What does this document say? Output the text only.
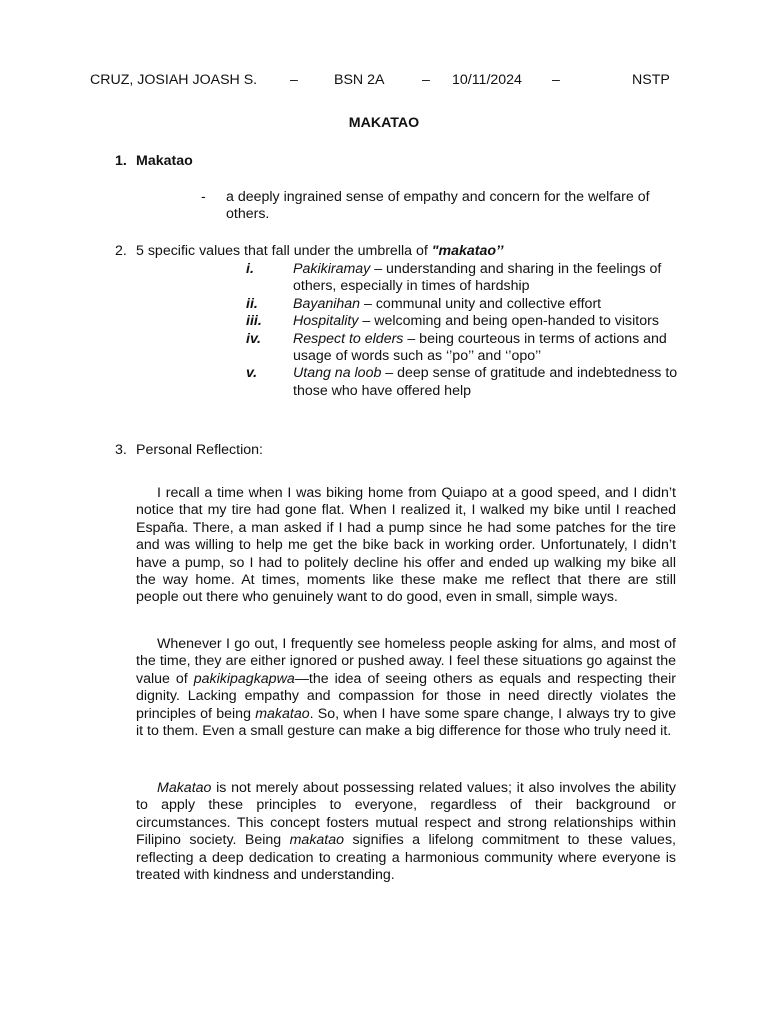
CRUZ, JOSIAH JOASH S. –	BSN 2A	– 10/11/2024 –	NSTP
MAKATAO
1. Makatao
- a deeply ingrained sense of empathy and concern for the welfare of others.
2. 5 specific values that fall under the umbrella of "makatao’’
i.	Pakikiramay – understanding and sharing in the feelings of others, especially in times of hardship
ii. Bayanihan – communal unity and collective effort
iii. Hospitality – welcoming and being open-handed to visitors
iv. Respect to elders – being courteous in terms of actions and usage of words such as ‘’po’’ and ‘’opo’’
v.	Utang na loob – deep sense of gratitude and indebtedness to those who have offered help
3. Personal Reflection:
I recall a time when I was biking home from Quiapo at a good speed, and I didn’t notice that my tire had gone flat. When I realized it, I walked my bike until I reached España. There, a man asked if I had a pump since he had some patches for the tire and was willing to help me get the bike back in working order. Unfortunately, I didn’t have a pump, so I had to politely decline his offer and ended up walking my bike all the way home. At times, moments like these make me reflect that there are still people out there who genuinely want to do good, even in small, simple ways.
Whenever I go out, I frequently see homeless people asking for alms, and most of the time, they are either ignored or pushed away. I feel these situations go against the value of pakikipagkapwa—the idea of seeing others as equals and respecting their dignity. Lacking empathy and compassion for those in need directly violates the principles of being makatao. So, when I have some spare change, I always try to give it to them. Even a small gesture can make a big difference for those who truly need it.
Makatao is not merely about possessing related values; it also involves the ability to apply these principles to everyone, regardless of their background or circumstances. This concept fosters mutual respect and strong relationships within Filipino society. Being makatao signifies a lifelong commitment to these values, reflecting a deep dedication to creating a harmonious community where everyone is treated with kindness and understanding.
